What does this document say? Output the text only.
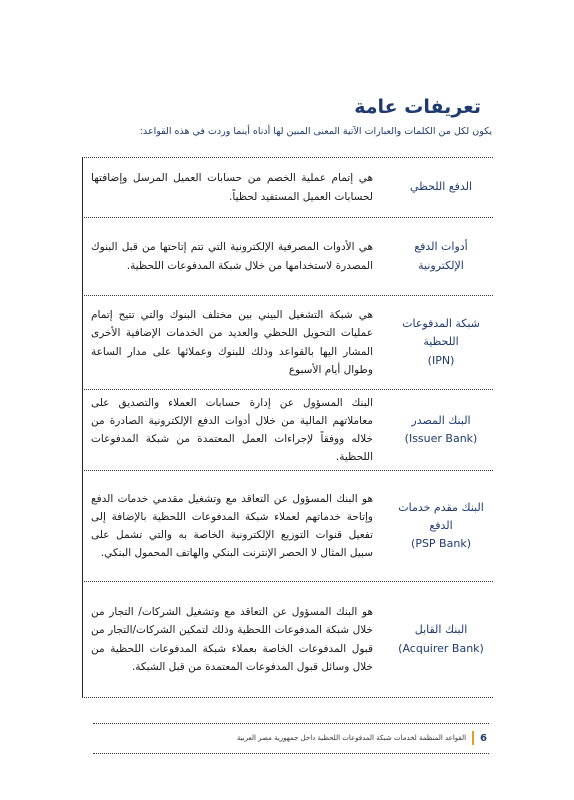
تعريفات عامة
يكون لكل من الكلمات والعبارات الآتية المعنى المبين لها أدناه أينما وردت في هذه القواعد:
هي إتمام عملية الخصم من حسابات العميل المرسل وإضافتها لحسابات العميل المستفيد لحظياً.
الدفع اللحظي
هي الأدوات المصرفية الإلكترونية التي تتم إتاحتها من قبل البنوك المصدرة لاستخدامها من خلال شبكة المدفوعات اللحظية.
أدوات الدفع الإلكترونية
هي شبكة التشغيل البيني بين مختلف البنوك والتي تتيح إتمام عمليات التحويل اللحظي والعديد من الخدمات الإضافية الأخرى المشار اليها بالقواعد وذلك للبنوك وعملائها على مدار الساعة وطوال أيام الأسبوع
شبكة المدفوعات
اللحظية
(IPN)
البنك المسؤول عن إدارة حسابات العملاء والتصديق على معاملاتهم المالية من خلال أدوات الدفع الإلكترونية الصادرة من خلاله ووفقاً لإجراءات العمل المعتمدة من شبكة المدفوعات اللحظية.
البنك المصدر
(Issuer Bank)
هو البنك المسؤول عن التعاقد مع وتشغيل مقدمي خدمات الدفع وإتاحة خدماتهم لعملاء شبكة المدفوعات اللحظية بالإضافة إلى تفعيل قنوات التوزيع الإلكترونية الخاصة به والتي تشمل على سبيل المثال لا الحصر الإنترنت البنكي والهاتف المحمول البنكي.
البنك مقدم خدمات الدفع
(PSP Bank)
هو البنك المسؤول عن التعاقد مع وتشغيل الشركات/ التجار من خلال شبكة المدفوعات اللحظية وذلك لتمكين الشركات/التجار من قبول المدفوعات الخاصة بعملاء شبكة المدفوعات اللحظية من خلال وسائل قبول المدفوعات المعتمدة من قبل الشبكة.
البنك القابل
(Acquirer Bank)
القواعد المنظمة لخدمات شبكة المدفوعات اللحظية داخل جمهورية مصر العربية 6
